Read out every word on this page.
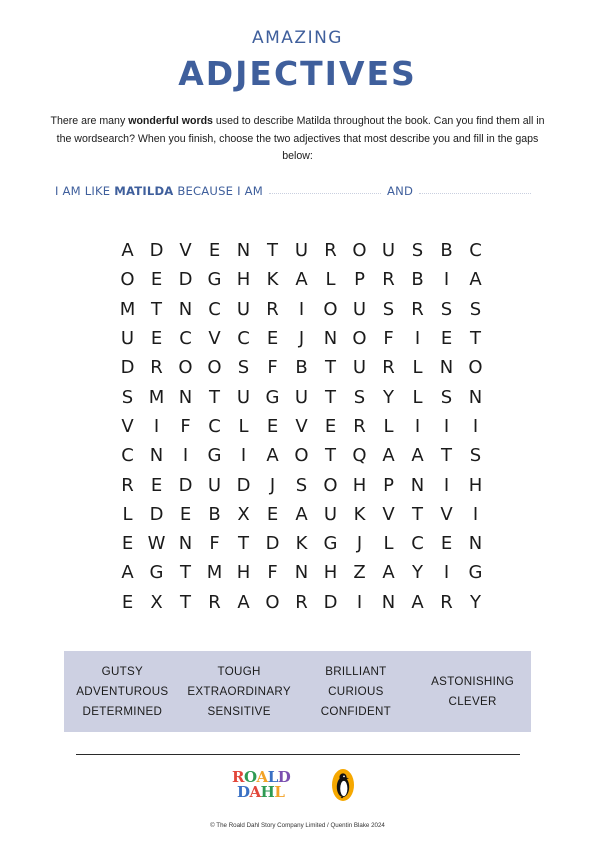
AMAZING
ADJECTIVES
There are many wonderful words used to describe Matilda throughout the book. Can you find them all in the wordsearch? When you finish, choose the two adjectives that most describe you and fill in the gaps below:
I AM LIKE MATILDA BECAUSE I AM	AND
A D V E N T U R O U S B C
O E D G H K A L	P R B	I	A
M T N C U R	I	O U S R S S
U E C V C E	J	N O F	I	E T
D R O O S	F B T U R L N O
S M N T U G U T S Y	L	S N
V	I	F C L	E V E R L	I	I	I
C N	I	G	I	A O T Q A A T S
R E D U D	J	S O H P N	I	H
L D E B X E A U K V T V	I
E W N F	T D K G	J	L C E N
A G T M H F N H Z A Y	I	G
E X T R A O R D	I	N A R Y
GUTSY
ADVENTUROUS
DETERMINED
TOUGH
EXTRAORDINARY
SENSITIVE
BRILLIANT
CURIOUS
CONFIDENT
ASTONISHING
CLEVER
ROALD
DAHL
© The Roald Dahl Story Company Limited / Quentin Blake 2024
